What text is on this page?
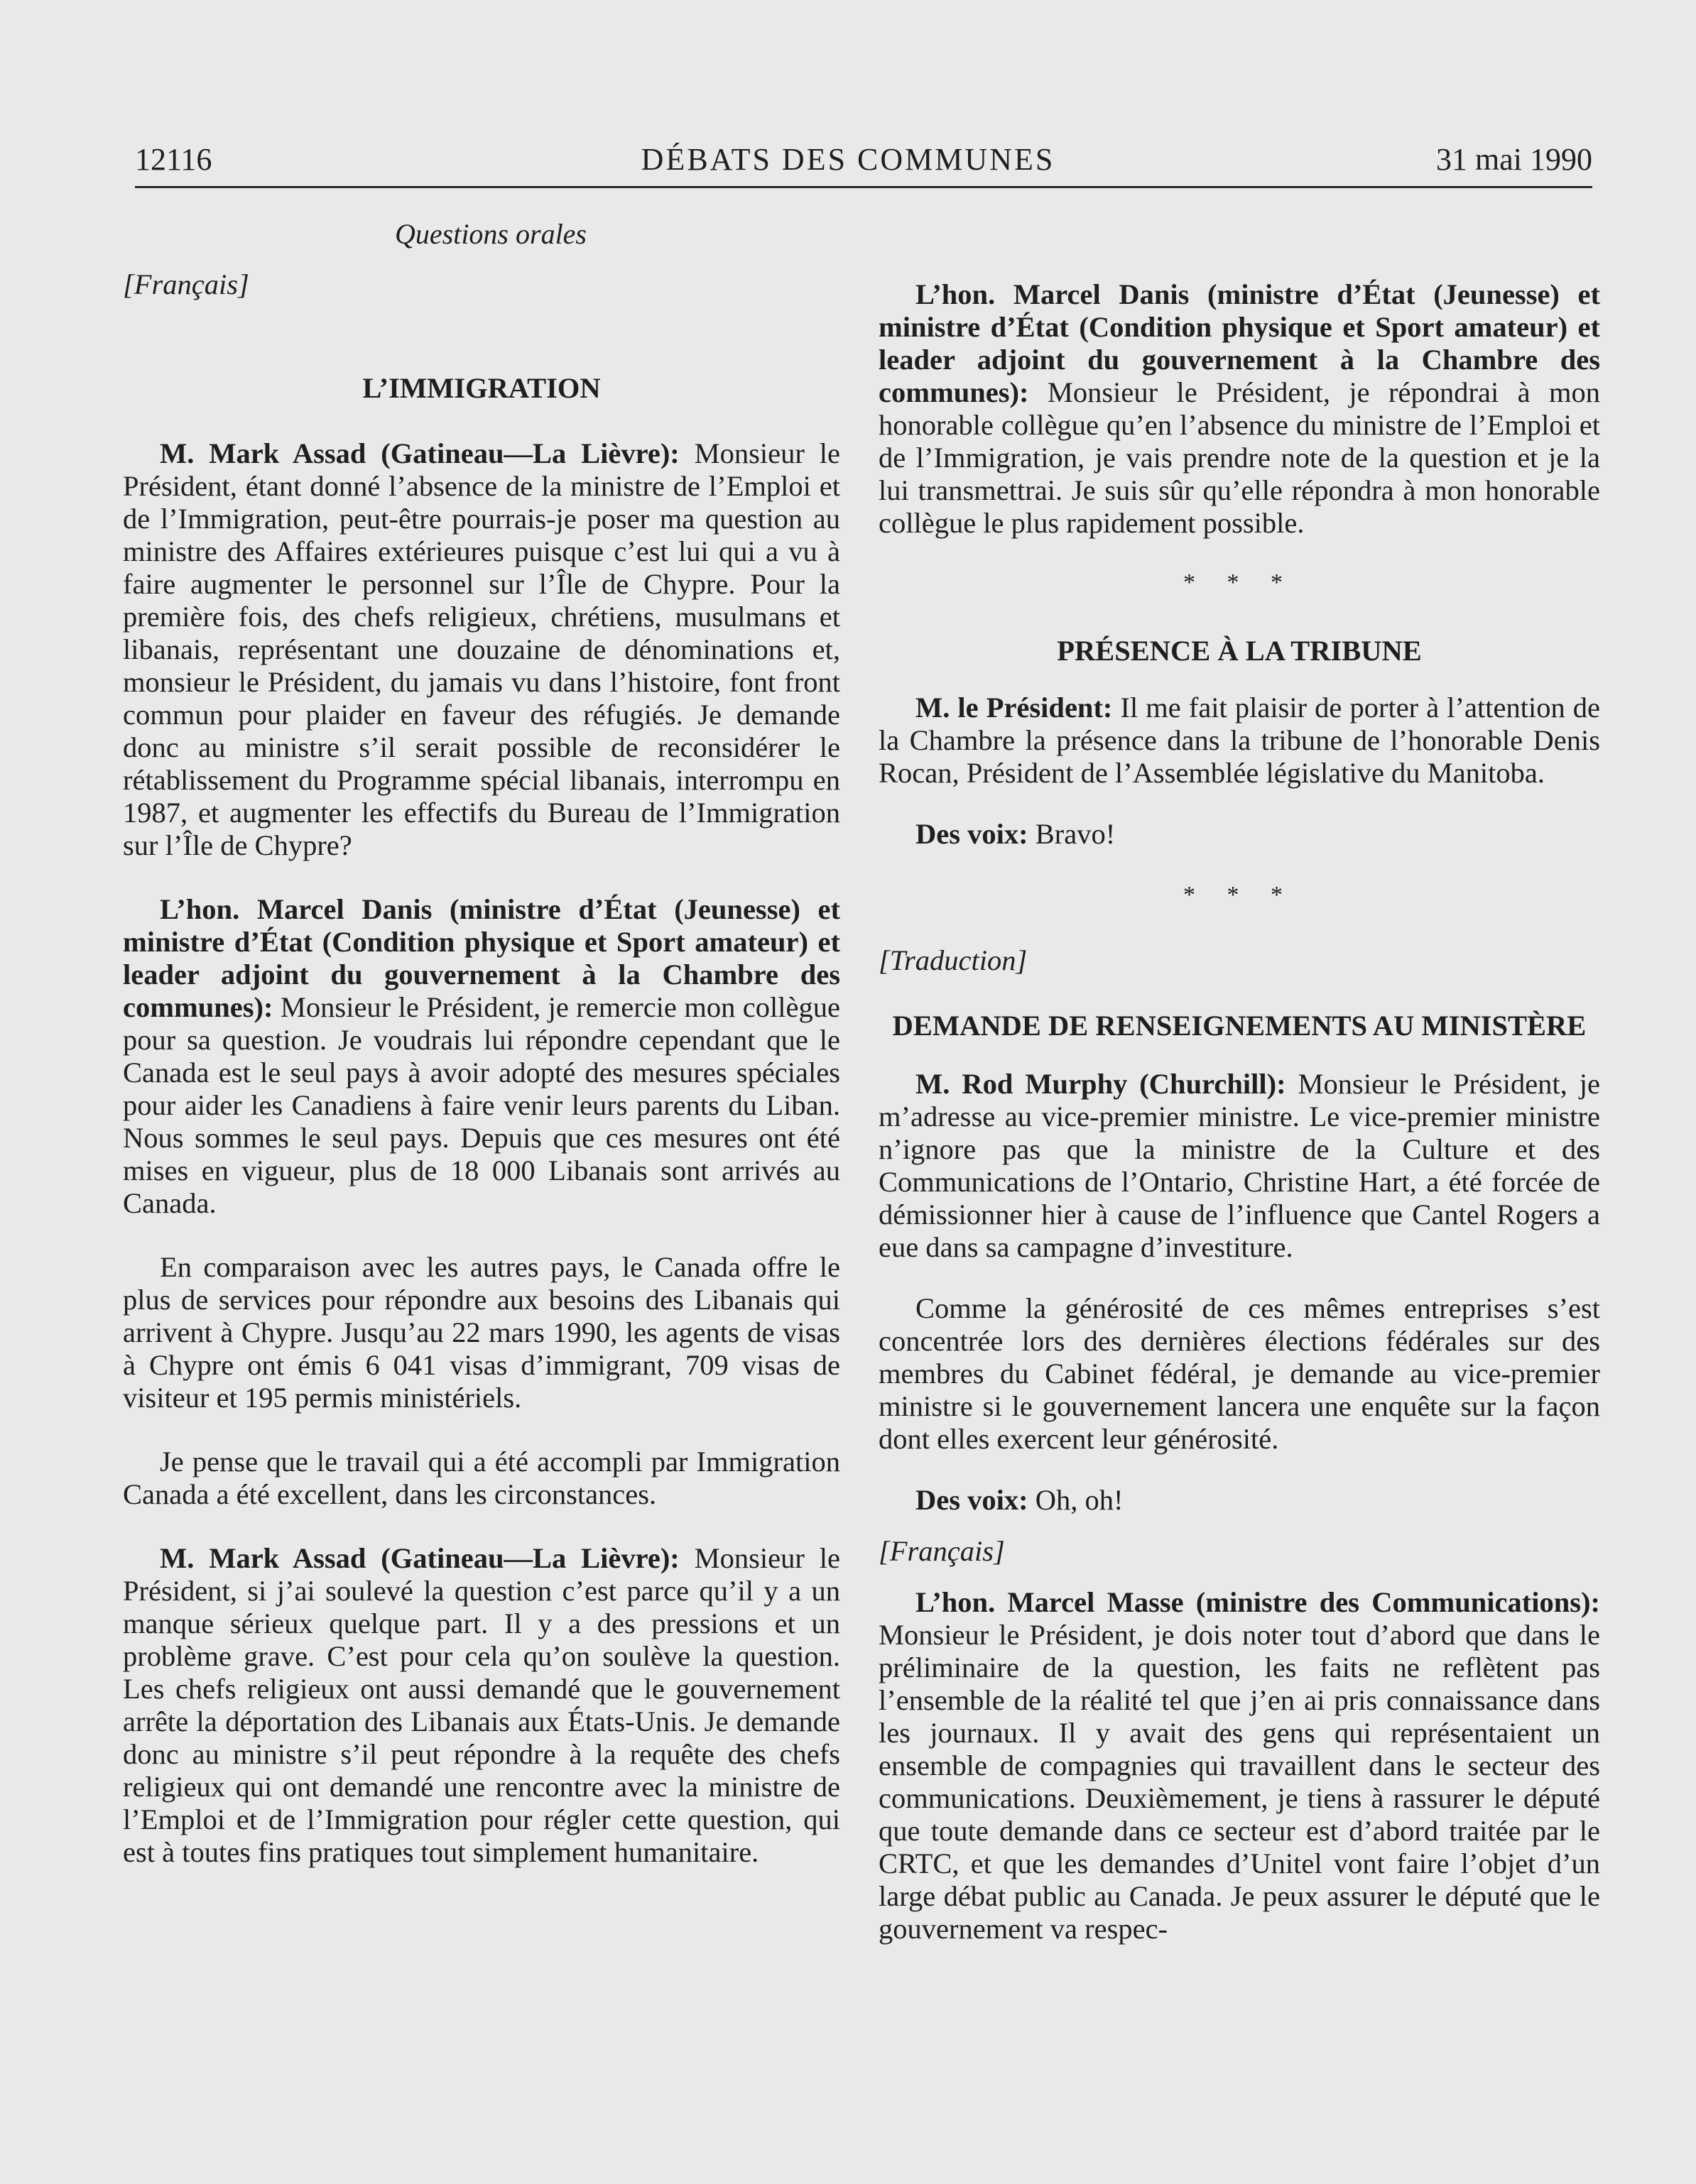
12116	DÉBATS DES COMMUNES	31 mai 1990
Questions orales

[Français]

L’IMMIGRATION

M. Mark Assad (Gatineau—La Lièvre): Monsieur le Président, étant donné l’absence de la ministre de l’Emploi et de l’Immigration, peut-être pourrais-je poser ma question au ministre des Affaires extérieures puisque c’est lui qui a vu à faire augmenter le personnel sur l’Île de Chypre. Pour la première fois, des chefs religieux, chrétiens, musulmans et libanais, représentant une douzaine de dénominations et, monsieur le Président, du jamais vu dans l’histoire, font front commun pour plaider en faveur des réfugiés. Je demande donc au ministre s’il serait possible de reconsidérer le rétablissement du Programme spécial libanais, interrompu en 1987, et augmenter les effectifs du Bureau de l’Immigration sur l’Île de Chypre?

L’hon. Marcel Danis (ministre d’État (Jeunesse) et ministre d’État (Condition physique et Sport amateur) et leader adjoint du gouvernement à la Chambre des communes): Monsieur le Président, je remercie mon collègue pour sa question. Je voudrais lui répondre cependant que le Canada est le seul pays à avoir adopté des mesures spéciales pour aider les Canadiens à faire venir leurs parents du Liban. Nous sommes le seul pays. Depuis que ces mesures ont été mises en vigueur, plus de 18 000 Libanais sont arrivés au Canada.

En comparaison avec les autres pays, le Canada offre le plus de services pour répondre aux besoins des Libanais qui arrivent à Chypre. Jusqu’au 22 mars 1990, les agents de visas à Chypre ont émis 6 041 visas d’immigrant, 709 visas de visiteur et 195 permis ministériels.

Je pense que le travail qui a été accompli par Immigration Canada a été excellent, dans les circonstances.

M. Mark Assad (Gatineau—La Lièvre): Monsieur le Président, si j’ai soulevé la question c’est parce qu’il y a un manque sérieux quelque part. Il y a des pressions et un problème grave. C’est pour cela qu’on soulève la question. Les chefs religieux ont aussi demandé que le gouvernement arrête la déportation des Libanais aux États-Unis. Je demande donc au ministre s’il peut répondre à la requête des chefs religieux qui ont demandé une rencontre avec la ministre de l’Emploi et de l’Immigration pour régler cette question, qui est à toutes fins pratiques tout simplement humanitaire.

L’hon. Marcel Danis (ministre d’État (Jeunesse) et ministre d’État (Condition physique et Sport amateur) et leader adjoint du gouvernement à la Chambre des communes): Monsieur le Président, je répondrai à mon honorable collègue qu’en l’absence du ministre de l’Emploi et de l’Immigration, je vais prendre note de la question et je la lui transmettrai. Je suis sûr qu’elle répondra à mon honorable collègue le plus rapidement possible.

* * *

PRÉSENCE À LA TRIBUNE

M. le Président: Il me fait plaisir de porter à l’attention de la Chambre la présence dans la tribune de l’honorable Denis Rocan, Président de l’Assemblée législative du Manitoba.

Des voix: Bravo!

* * *

[Traduction]

DEMANDE DE RENSEIGNEMENTS AU MINISTÈRE

M. Rod Murphy (Churchill): Monsieur le Président, je m’adresse au vice-premier ministre. Le vice-premier ministre n’ignore pas que la ministre de la Culture et des Communications de l’Ontario, Christine Hart, a été forcée de démissionner hier à cause de l’influence que Cantel Rogers a eue dans sa campagne d’investiture.

Comme la générosité de ces mêmes entreprises s’est concentrée lors des dernières élections fédérales sur des membres du Cabinet fédéral, je demande au vice-premier ministre si le gouvernement lancera une enquête sur la façon dont elles exercent leur générosité.

Des voix: Oh, oh!

[Français]

L’hon. Marcel Masse (ministre des Communications): Monsieur le Président, je dois noter tout d’abord que dans le préliminaire de la question, les faits ne reflètent pas l’ensemble de la réalité tel que j’en ai pris connaissance dans les journaux. Il y avait des gens qui représentaient un ensemble de compagnies qui travaillent dans le secteur des communications. Deuxièmement, je tiens à rassurer le député que toute demande dans ce secteur est d’abord traitée par le CRTC, et que les demandes d’Unitel vont faire l’objet d’un large débat public au Canada. Je peux assurer le député que le gouvernement va respec-
